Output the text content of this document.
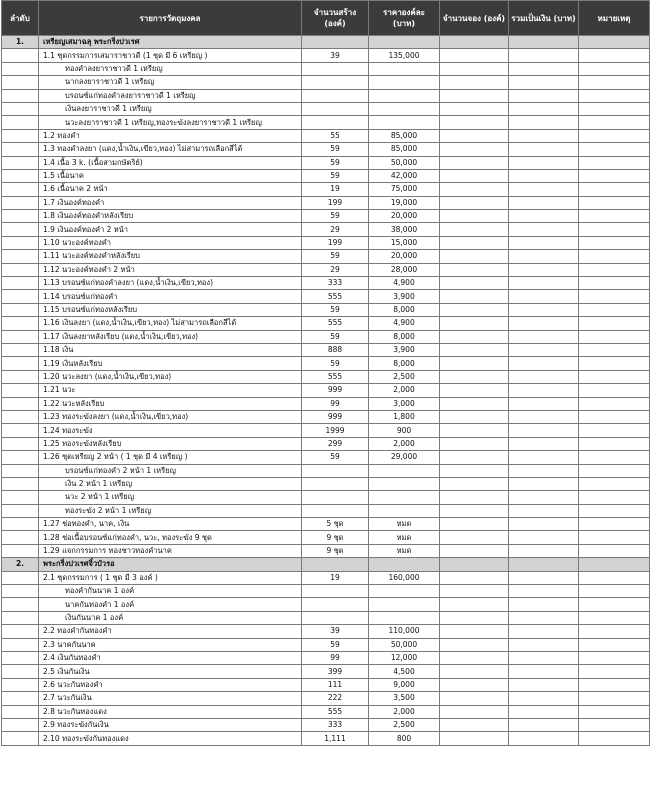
ลำดับ	รายการวัตถุมงคล	จำนวนสร้าง (องค์)	ราคาองค์ละ (บาท)	จำนวนจอง (องค์)	รวมเป็นเงิน (บาท)	หมายเหตุ
1.	เหรียญเสมาฉลุ พระกริ่งปวเรศ					
	1.1 ชุดกรรมการเสมาราชาวดี (1 ชุด มี 6 เหรียญ )	39	135,000			
	ทองคำลงยาราชาวดี 1 เหรียญ					
	นากลงยาราชาวดี 1 เหรียญ					
	บรอนซ์แก่ทองคำลงยาราชาวดี 1 เหรียญ					
	เงินลงยาราชาวดี 1 เหรียญ					
	นวะลงยาราชาวดี 1 เหรียญ,ทองระฆังลงยาราชาวดี 1 เหรียญ					
	1.2 ทองคำ	55	85,000			
	1.3 ทองคำลงยา (แดง,น้ำเงิน,เขียว,ทอง) ไม่สามารถเลือกสีได้	59	85,000			
	1.4 เนื้อ 3 k. (เนื้อสามกษัตริย์)	59	50,000			
	1.5 เนื้อนาค	59	42,000			
	1.6 เนื้อนาค 2 หน้า	19	75,000			
	1.7 เงินองค์ทองคำ	199	19,000			
	1.8 เงินองค์ทองคำหลังเรียบ	59	20,000			
	1.9 เงินองค์ทองคำ 2 หน้า	29	38,000			
	1.10 นวะองค์ทองคำ	199	15,000			
	1.11 นวะองค์ทองคำหลังเรียบ	59	20,000			
	1.12 นวะองค์ทองคำ 2 หน้า	29	28,000			
	1.13 บรอนซ์แก่ทองคำลงยา (แดง,น้ำเงิน,เขียว,ทอง)	333	4,900			
	1.14 บรอนซ์แก่ทองคำ	555	3,900			
	1.15 บรอนซ์แก่ทองหลังเรียบ	59	8,000			
	1.16 เงินลงยา (แดง,น้ำเงิน,เขียว,ทอง) ไม่สามารถเลือกสีได้	555	4,900			
	1.17 เงินลงยาหลังเรียบ (แดง,น้ำเงิน,เขียว,ทอง)	59	8,000			
	1.18 เงิน	888	3,900			
	1.19 เงินหลังเรียบ	59	8,000			
	1.20 นวะลงยา (แดง,น้ำเงิน,เขียว,ทอง)	555	2,500			
	1.21 นวะ	999	2,000			
	1.22 นวะหลังเรียบ	99	3,000			
	1.23 ทองระฆังลงยา (แดง,น้ำเงิน,เขียว,ทอง)	999	1,800			
	1.24 ทองระฆัง	1999	900			
	1.25 ทองระฆังหลังเรียบ	299	2,000			
	1.26 ชุดเหรียญ 2 หน้า ( 1 ชุด มี 4 เหรียญ )	59	29,000			
	บรอนซ์แก่ทองคำ 2 หน้า 1 เหรียญ					
	เงิน 2 หน้า 1 เหรียญ					
	นวะ 2 หน้า 1 เหรียญ					
	ทองระฆัง 2 หน้า 1 เหรียญ					
	1.27 ช่อทองคำ, นาค, เงิน	5 ชุด	หมด			
	1.28 ช่อเนื้อบรอนซ์แก่ทองคำ, นวะ, ทองระฆัง 9 ชุด	9 ชุด	หมด			
	1.29 แจกกรรมการ ทองชาวทองคำนาค	9 ชุด	หมด			
2.	พระกริ่งปวเรศจิ๋วบัวรอ					
	2.1 ชุดกรรมการ ( 1 ชุด มี 3 องค์ )	19	160,000			
	ทองคำกันนาค 1 องค์					
	นาคกันทองคำ 1 องค์					
	เงินกันนาค 1 องค์					
	2.2 ทองคำกันทองคำ	39	110,000			
	2.3 นาคกันนาค	59	50,000			
	2.4 เงินกันทองคำ	99	12,000			
	2.5 เงินกันเงิน	399	4,500			
	2.6 นวะกันทองคำ	111	9,000			
	2.7 นวะกันเงิน	222	3,500			
	2.8 นวะกันทองแดง	555	2,000			
	2.9 ทองระฆังกันเงิน	333	2,500			
	2.10 ทองระฆังกันทองแดง	1,111	800			
